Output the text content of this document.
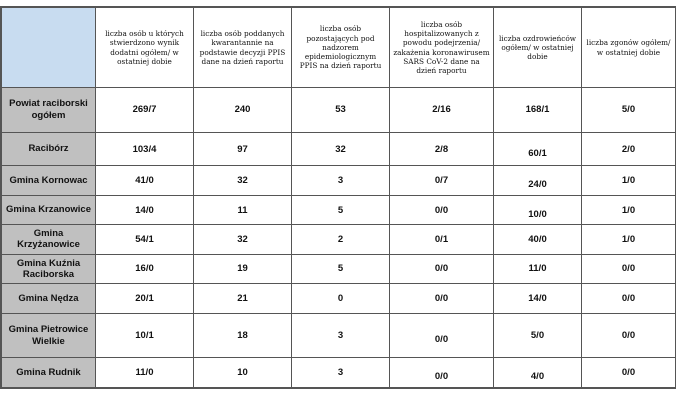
	liczba osób u których stwierdzono wynik dodatni ogółem/ w ostatniej dobie	liczba osób poddanych kwarantannie na podstawie decyzji PPIS dane na dzień raportu	liczba osób pozostających pod nadzorem epidemiologicznym PPIS na dzień raportu	liczba osób hospitalizowanych z powodu podejrzenia/ zakażenia koronawirusem SARS CoV-2 dane na dzień raportu	liczba ozdrowieńców ogółem/ w ostatniej dobie	liczba zgonów ogółem/ w ostatniej dobie
Powiat raciborski ogółem	269/7	240	53	2/16	168/1	5/0
Racibórz	103/4	97	32	2/8	60/1	2/0
Gmina Kornowac	41/0	32	3	0/7	24/0	1/0
Gmina Krzanowice	14/0	11	5	0/0	10/0	1/0
Gmina Krzyżanowice	54/1	32	2	0/1	40/0	1/0
Gmina Kuźnia Raciborska	16/0	19	5	0/0	11/0	0/0
Gmina Nędza	20/1	21	0	0/0	14/0	0/0
Gmina Pietrowice Wielkie	10/1	18	3	0/0	5/0	0/0
Gmina Rudnik	11/0	10	3	0/0	4/0	0/0
